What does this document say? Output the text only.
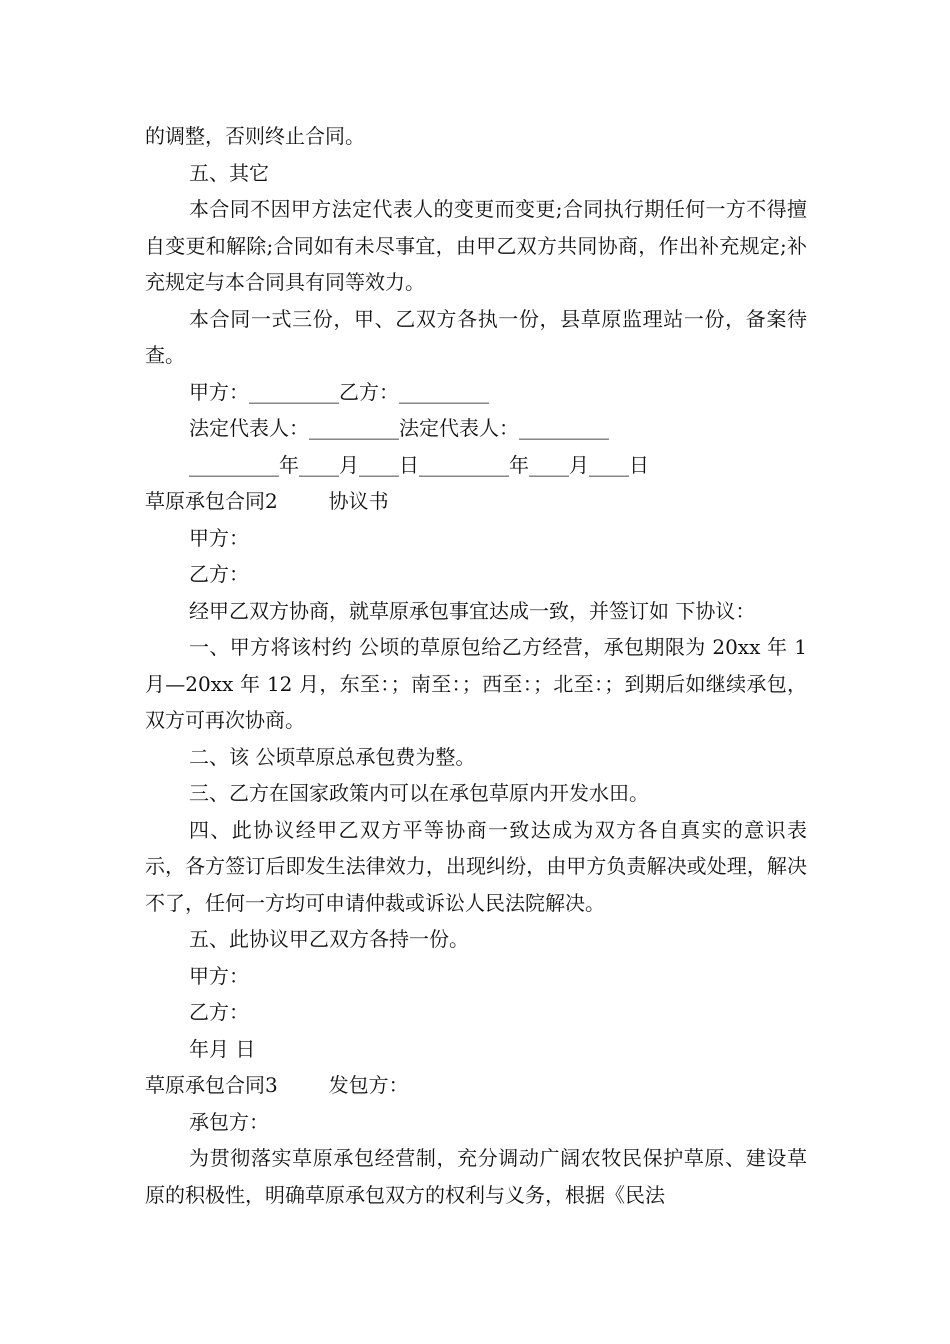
的调整，否则终止合同。

五、其它

本合同不因甲方法定代表人的变更而变更;合同执行期任何一方不得擅自变更和解除;合同如有未尽事宜，由甲乙双方共同协商，作出补充规定;补充规定与本合同具有同等效力。

本合同一式三份，甲、乙双方各执一份，县草原监理站一份，备案待查。

甲方：_________乙方：_________

法定代表人：_________法定代表人：_________

_________年____月____日_________年____月____日

草原承包合同2        协议书

甲方：

乙方：

经甲乙双方协商，就草原承包事宜达成一致，并签订如 下协议：

一、甲方将该村约 公顷的草原包给乙方经营，承包期限为 20xx 年 1 月—20xx 年 12 月，东至：；南至：；西至：；北至：；到期后如继续承包，双方可再次协商。

二、该 公顷草原总承包费为整。

三、乙方在国家政策内可以在承包草原内开发水田。

四、此协议经甲乙双方平等协商一致达成为双方各自真实的意识表示，各方签订后即发生法律效力，出现纠纷，由甲方负责解决或处理，解决不了，任何一方均可申请仲裁或诉讼人民法院解决。

五、此协议甲乙双方各持一份。

甲方：

乙方：

年月 日

草原承包合同3        发包方：

承包方：

为贯彻落实草原承包经营制，充分调动广阔农牧民保护草原、建设草原的积极性，明确草原承包双方的权利与义务，根据《民法
